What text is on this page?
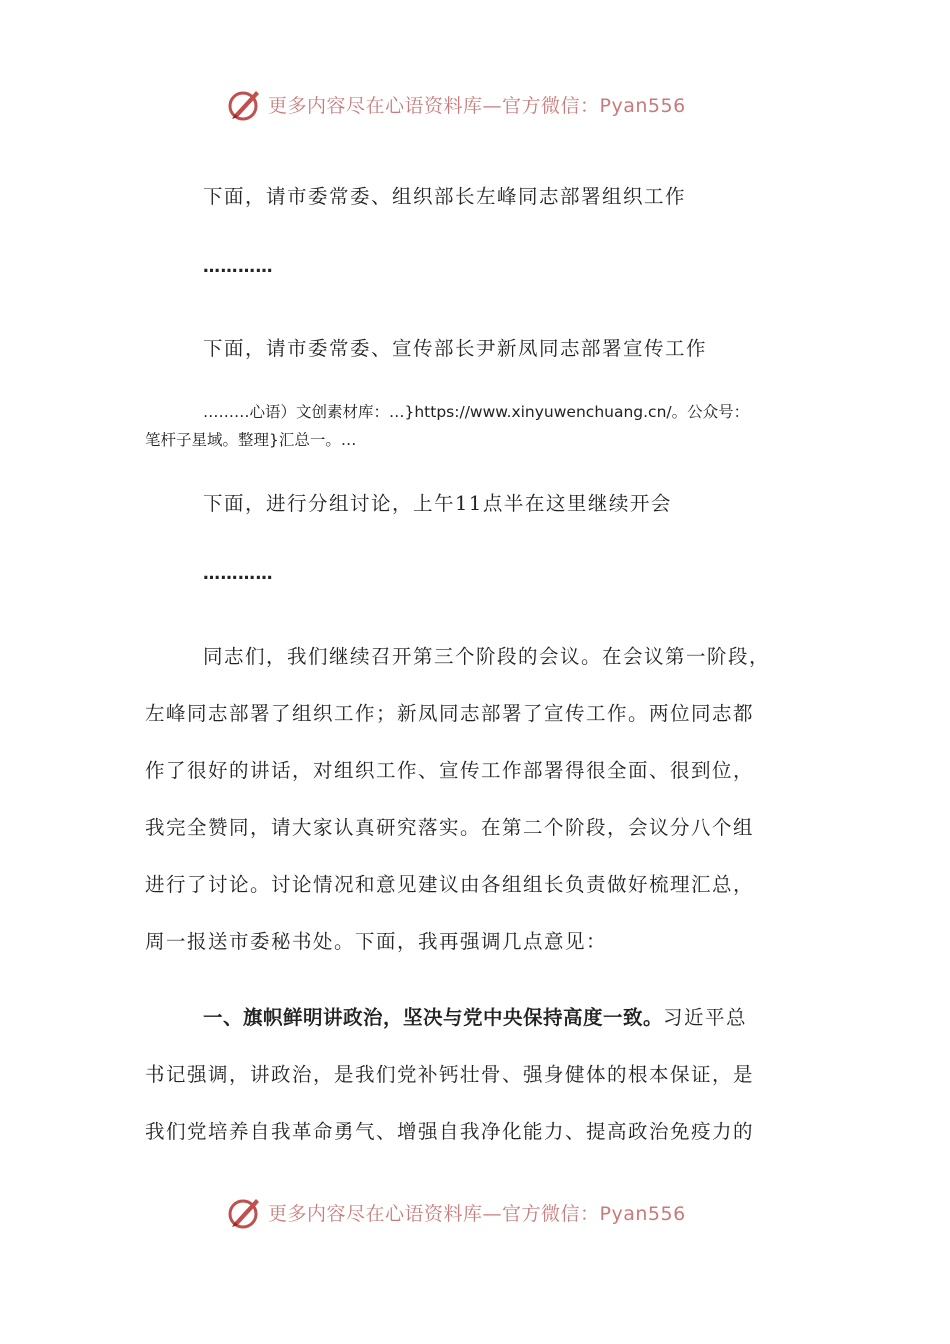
更多内容尽在心语资料库—官方微信：Pyan556
下面，请市委常委、组织部长左峰同志部署组织工作
…………
下面，请市委常委、宣传部长尹新凤同志部署宣传工作
………心语）文创素材库：…}https://www.xinyuwenchuang.cn/。公众号：
笔杆子星域。整理}汇总一。…
下面，进行分组讨论，上午11点半在这里继续开会
…………
同志们，我们继续召开第三个阶段的会议。在会议第一阶段，
左峰同志部署了组织工作；新凤同志部署了宣传工作。两位同志都
作了很好的讲话，对组织工作、宣传工作部署得很全面、很到位，
我完全赞同，请大家认真研究落实。在第二个阶段，会议分八个组
进行了讨论。讨论情况和意见建议由各组组长负责做好梳理汇总，
周一报送市委秘书处。下面，我再强调几点意见：
一、旗帜鲜明讲政治，坚决与党中央保持高度一致。习近平总
书记强调，讲政治，是我们党补钙壮骨、强身健体的根本保证，是
我们党培养自我革命勇气、增强自我净化能力、提高政治免疫力的
更多内容尽在心语资料库—官方微信：Pyan556
